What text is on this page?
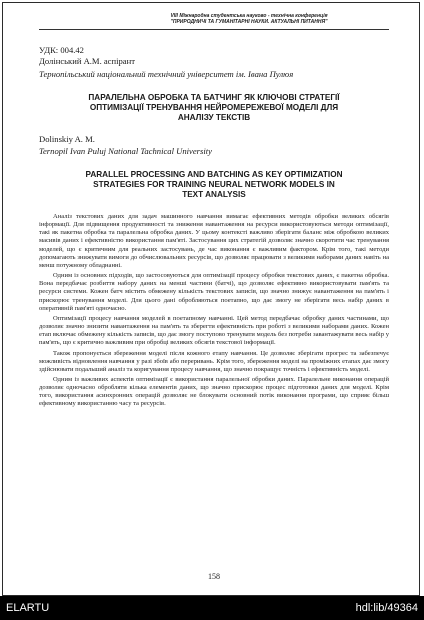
VIII Міжнародна студентська науково - технічна конференція
"ПРИРОДНИЧІ ТА ГУМАНІТАРНІ НАУКИ. АКТУАЛЬНІ ПИТАННЯ"
УДК: 004.42
Долінський А.М. аспірант
Тернопільський національний технічний університет ім. Івана Пулюя
ПАРАЛЕЛЬНА ОБРОБКА ТА БАТЧИНГ ЯК КЛЮЧОВІ СТРАТЕГІЇ
ОПТИМІЗАЦІЇ ТРЕНУВАННЯ НЕЙРОМЕРЕЖЕВОЇ МОДЕЛІ ДЛЯ
АНАЛІЗУ ТЕКСТІВ
Dolinskiy A. M.
Ternopil Ivan Puluj National Tachnical University
PARALLEL PROCESSING AND BATCHING AS KEY OPTIMIZATION
STRATEGIES FOR TRAINING NEURAL NETWORK MODELS IN
TEXT ANALYSIS

Аналіз текстових даних для задач машинного навчання вимагає ефективних методів обробки великих обсягів інформації. Для підвищення продуктивності та зниження навантаження на ресурси використовуються методи оптимізації, такі як пакетна обробка та паралельна обробка даних. У цьому контексті важливо зберігати баланс між обробкою великих масивів даних і ефективністю використання пам'яті. Застосування цих стратегій дозволяє значно скоротити час тренування моделей, що є критичним для реальних застосувань, де час виконання є важливим фактором. Крім того, такі методи допомагають знижувати вимоги до обчислювальних ресурсів, що дозволяє працювати з великими наборами даних навіть на менш потужному обладнанні.

Одним із основних підходів, що застосовуються для оптимізації процесу обробки текстових даних, є пакетна обробка. Вона передбачає розбиття набору даних на менші частини (батчі), що дозволяє ефективно використовувати пам'ять та ресурси системи. Кожен батч містить обмежену кількість текстових записів, що значно знижує навантаження на пам'ять і прискорює тренування моделі. Для цього дані обробляються поетапно, що дає змогу не зберігати весь набір даних в оперативній пам'яті одночасно.

Оптимізації процесу навчання моделей в поетапному навчанні. Цей метод передбачає обробку даних частинами, що дозволяє значно знизити навантаження на пам'ять та зберегти ефективність при роботі з великими наборами даних. Кожен етап включає обмежену кількість записів, що дає змогу поступово тренувати модель без потреби завантажувати весь набір у пам'ять, що є критично важливим при обробці великих обсягів текстової інформації.

Також пропонується збереження моделі після кожного етапу навчання. Це дозволяє зберігати прогрес та забезпечує можливість відновлення навчання у разі збоїв або переривань. Крім того, збереження моделі на проміжних етапах дає змогу здійснювати подальший аналіз та коригування процесу навчання, що значно покращує точність і ефективність моделі.

Одним із важливих аспектів оптимізації є використання паралельної обробки даних. Паралельне виконання операцій дозволяє одночасно обробляти кілька елементів даних, що значно прискорює процес підготовки даних для моделі. Крім того, використання асинхронних операцій дозволяє не блокувати основний потік виконання програми, що сприяє більш ефективному використанню часу та ресурсів.

158
ELARTU	hdl:lib/49364
